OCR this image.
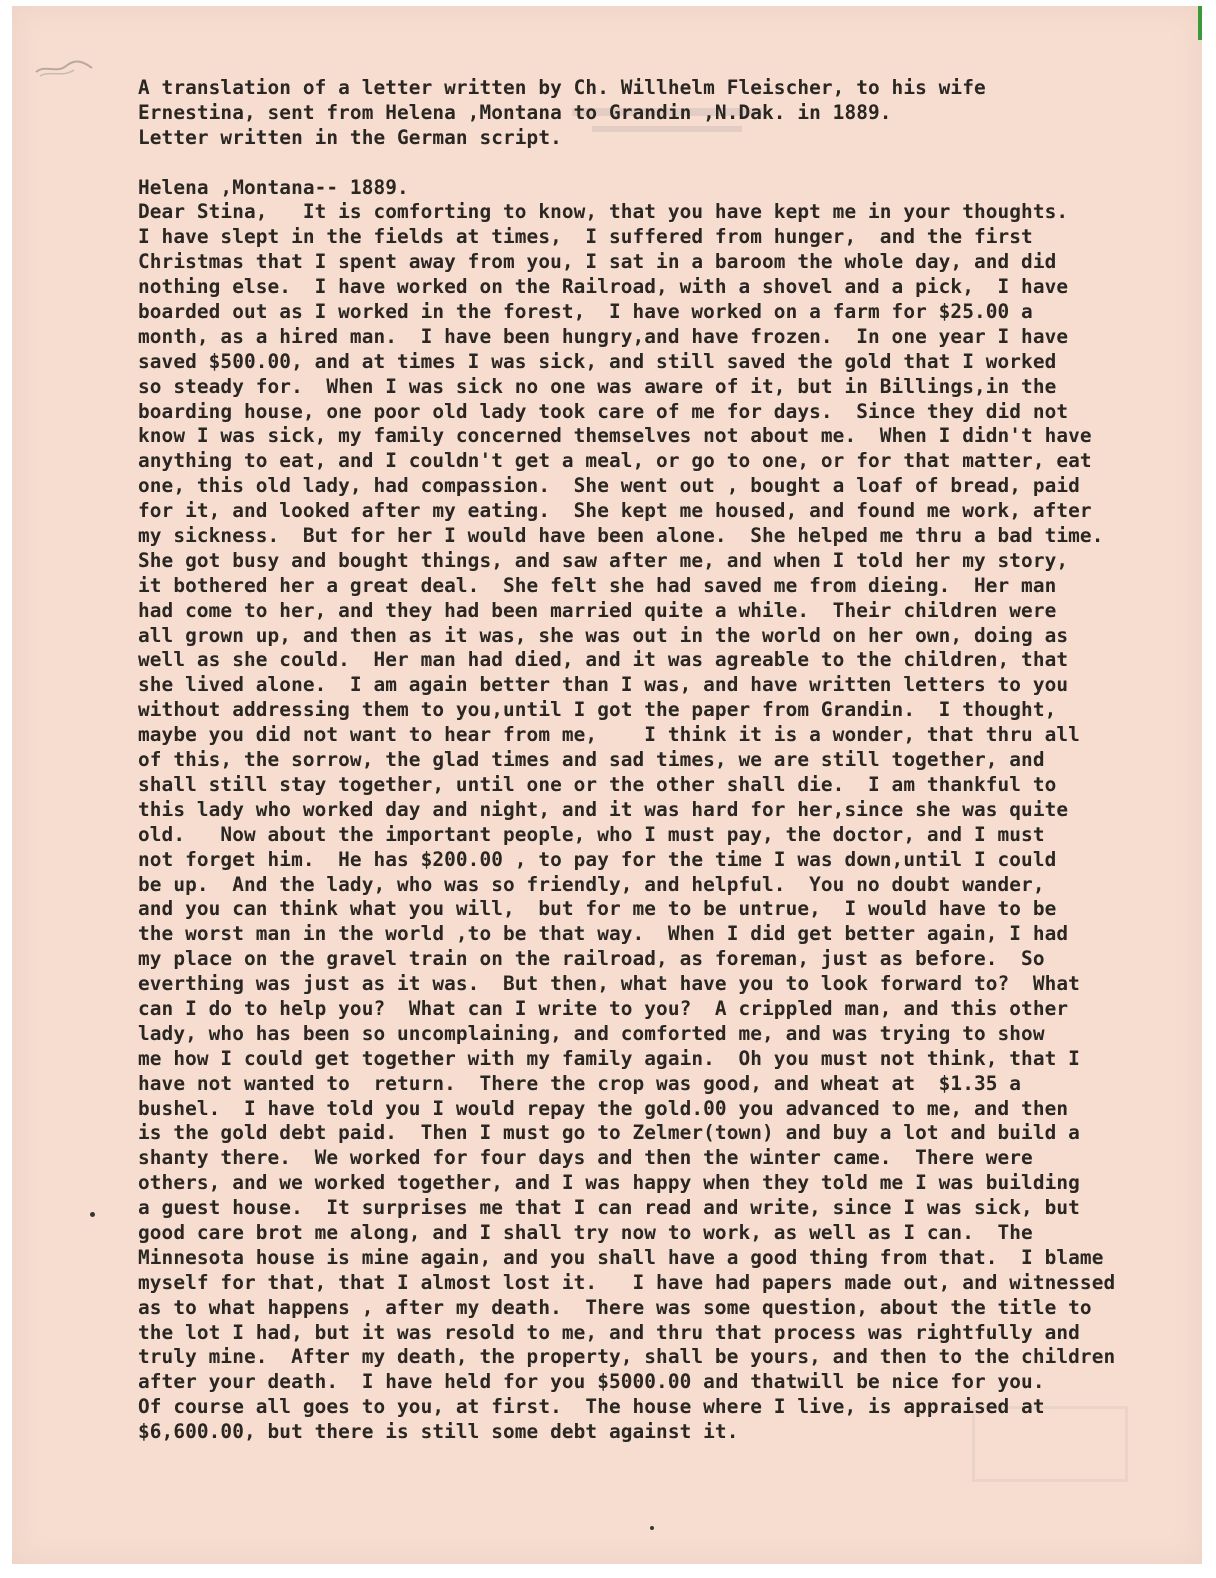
A translation of a letter written by Ch. Willhelm Fleischer, to his wife
Ernestina, sent from Helena ,Montana to Grandin ,N.Dak. in 1889.
Letter written in the German script.
Helena ,Montana-- 1889.
Dear Stina,   It is comforting to know, that you have kept me in your thoughts.
I have slept in the fields at times,  I suffered from hunger,  and the first
Christmas that I spent away from you, I sat in a baroom the whole day, and did
nothing else.  I have worked on the Railroad, with a shovel and a pick,  I have
boarded out as I worked in the forest,  I have worked on a farm for $25.00 a
month, as a hired man.  I have been hungry,and have frozen.  In one year I have
saved $500.00, and at times I was sick, and still saved the gold that I worked
so steady for.  When I was sick no one was aware of it, but in Billings,in the
boarding house, one poor old lady took care of me for days.  Since they did not
know I was sick, my family concerned themselves not about me.  When I didn't have
anything to eat, and I couldn't get a meal, or go to one, or for that matter, eat
one, this old lady, had compassion.  She went out , bought a loaf of bread, paid
for it, and looked after my eating.  She kept me housed, and found me work, after
my sickness.  But for her I would have been alone.  She helped me thru a bad time.
She got busy and bought things, and saw after me, and when I told her my story,
it bothered her a great deal.  She felt she had saved me from dieing.  Her man
had come to her, and they had been married quite a while.  Their children were
all grown up, and then as it was, she was out in the world on her own, doing as
well as she could.  Her man had died, and it was agreable to the children, that
she lived alone.  I am again better than I was, and have written letters to you
without addressing them to you,until I got the paper from Grandin.  I thought,
maybe you did not want to hear from me,    I think it is a wonder, that thru all
of this, the sorrow, the glad times and sad times, we are still together, and
shall still stay together, until one or the other shall die.  I am thankful to
this lady who worked day and night, and it was hard for her,since she was quite
old.   Now about the important people, who I must pay, the doctor, and I must
not forget him.  He has $200.00 , to pay for the time I was down,until I could
be up.  And the lady, who was so friendly, and helpful.  You no doubt wander,
and you can think what you will,  but for me to be untrue,  I would have to be
the worst man in the world ,to be that way.  When I did get better again, I had
my place on the gravel train on the railroad, as foreman, just as before.  So
everthing was just as it was.  But then, what have you to look forward to?  What
can I do to help you?  What can I write to you?  A crippled man, and this other
lady, who has been so uncomplaining, and comforted me, and was trying to show
me how I could get together with my family again.  Oh you must not think, that I
have not wanted to  return.  There the crop was good, and wheat at  $1.35 a
bushel.  I have told you I would repay the gold.00 you advanced to me, and then
is the gold debt paid.  Then I must go to Zelmer(town) and buy a lot and build a
shanty there.  We worked for four days and then the winter came.  There were
others, and we worked together, and I was happy when they told me I was building
a guest house.  It surprises me that I can read and write, since I was sick, but
good care brot me along, and I shall try now to work, as well as I can.  The
Minnesota house is mine again, and you shall have a good thing from that.  I blame
myself for that, that I almost lost it.   I have had papers made out, and witnessed
as to what happens , after my death.  There was some question, about the title to
the lot I had, but it was resold to me, and thru that process was rightfully and
truly mine.  After my death, the property, shall be yours, and then to the children
after your death.  I have held for you $5000.00 and thatwill be nice for you.
Of course all goes to you, at first.  The house where I live, is appraised at
$6,600.00, but there is still some debt against it.
